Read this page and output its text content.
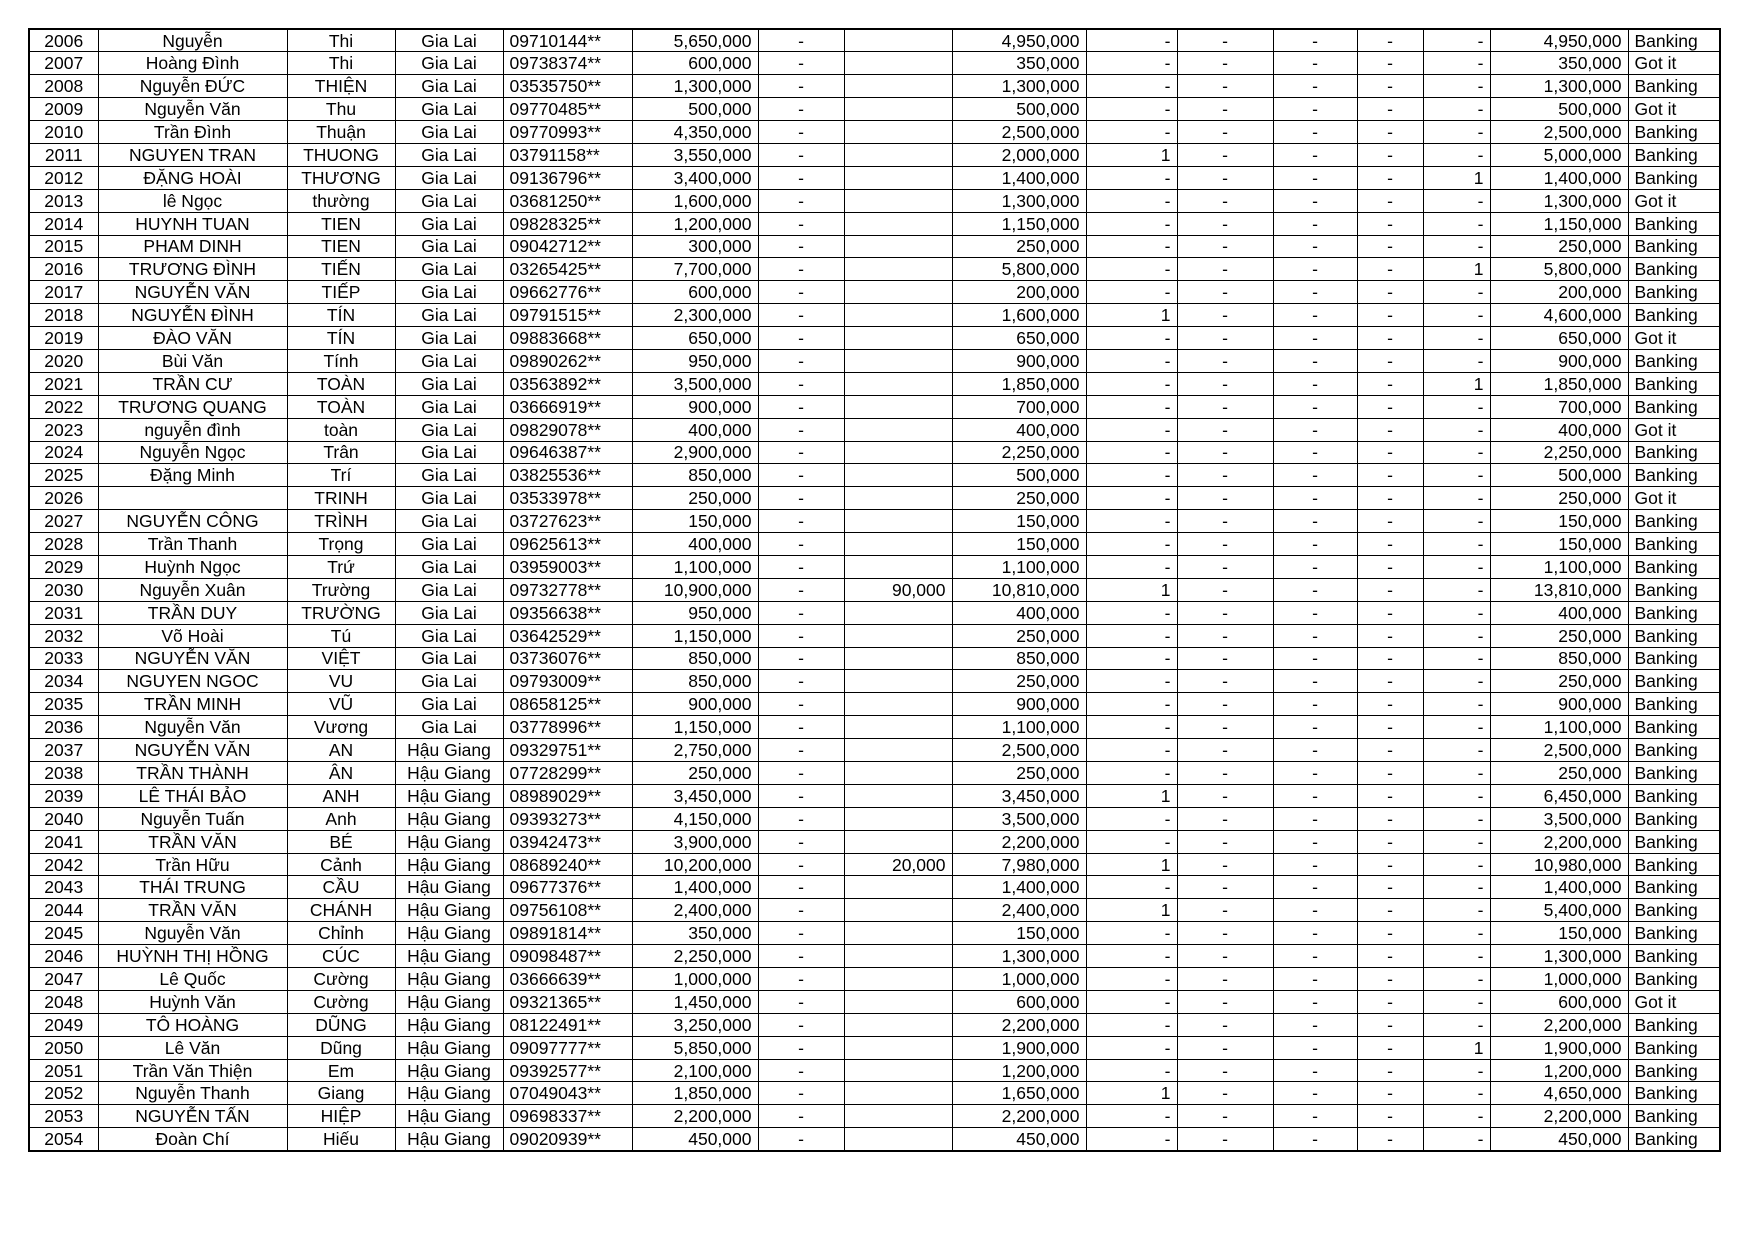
2006	Nguyễn	Thi	Gia Lai	09710144**	5,650,000	-		4,950,000	-	-	-	-	-	4,950,000	Banking
2007	Hoàng Đình	Thi	Gia Lai	09738374**	600,000	-		350,000	-	-	-	-	-	350,000	Got it
2008	Nguyễn ĐỨC	THIỆN	Gia Lai	03535750**	1,300,000	-		1,300,000	-	-	-	-	-	1,300,000	Banking
2009	Nguyễn Văn	Thu	Gia Lai	09770485**	500,000	-		500,000	-	-	-	-	-	500,000	Got it
2010	Trần Đình	Thuận	Gia Lai	09770993**	4,350,000	-		2,500,000	-	-	-	-	-	2,500,000	Banking
2011	NGUYEN TRAN	THUONG	Gia Lai	03791158**	3,550,000	-		2,000,000	1	-	-	-	-	5,000,000	Banking
2012	ĐẶNG HOÀI	THƯƠNG	Gia Lai	09136796**	3,400,000	-		1,400,000	-	-	-	-	1	1,400,000	Banking
2013	lê Ngọc	thường	Gia Lai	03681250**	1,600,000	-		1,300,000	-	-	-	-	-	1,300,000	Got it
2014	HUYNH TUAN	TIEN	Gia Lai	09828325**	1,200,000	-		1,150,000	-	-	-	-	-	1,150,000	Banking
2015	PHAM DINH	TIEN	Gia Lai	09042712**	300,000	-		250,000	-	-	-	-	-	250,000	Banking
2016	TRƯƠNG ĐÌNH	TIẾN	Gia Lai	03265425**	7,700,000	-		5,800,000	-	-	-	-	1	5,800,000	Banking
2017	NGUYỄN VĂN	TIẾP	Gia Lai	09662776**	600,000	-		200,000	-	-	-	-	-	200,000	Banking
2018	NGUYỄN ĐÌNH	TÍN	Gia Lai	09791515**	2,300,000	-		1,600,000	1	-	-	-	-	4,600,000	Banking
2019	ĐÀO VĂN	TÍN	Gia Lai	09883668**	650,000	-		650,000	-	-	-	-	-	650,000	Got it
2020	Bùi Văn	Tính	Gia Lai	09890262**	950,000	-		900,000	-	-	-	-	-	900,000	Banking
2021	TRẦN CƯ	TOÀN	Gia Lai	03563892**	3,500,000	-		1,850,000	-	-	-	-	1	1,850,000	Banking
2022	TRƯƠNG QUANG	TOÀN	Gia Lai	03666919**	900,000	-		700,000	-	-	-	-	-	700,000	Banking
2023	nguyễn đình	toàn	Gia Lai	09829078**	400,000	-		400,000	-	-	-	-	-	400,000	Got it
2024	Nguyễn Ngọc	Trân	Gia Lai	09646387**	2,900,000	-		2,250,000	-	-	-	-	-	2,250,000	Banking
2025	Đặng Minh	Trí	Gia Lai	03825536**	850,000	-		500,000	-	-	-	-	-	500,000	Banking
2026		TRINH	Gia Lai	03533978**	250,000	-		250,000	-	-	-	-	-	250,000	Got it
2027	NGUYỄN CÔNG	TRÌNH	Gia Lai	03727623**	150,000	-		150,000	-	-	-	-	-	150,000	Banking
2028	Trần Thanh	Trọng	Gia Lai	09625613**	400,000	-		150,000	-	-	-	-	-	150,000	Banking
2029	Huỳnh Ngọc	Trứ	Gia Lai	03959003**	1,100,000	-		1,100,000	-	-	-	-	-	1,100,000	Banking
2030	Nguyễn Xuân	Trường	Gia Lai	09732778**	10,900,000	-	90,000	10,810,000	1	-	-	-	-	13,810,000	Banking
2031	TRẦN DUY	TRƯỜNG	Gia Lai	09356638**	950,000	-		400,000	-	-	-	-	-	400,000	Banking
2032	Võ Hoài	Tú	Gia Lai	03642529**	1,150,000	-		250,000	-	-	-	-	-	250,000	Banking
2033	NGUYỄN VĂN	VIỆT	Gia Lai	03736076**	850,000	-		850,000	-	-	-	-	-	850,000	Banking
2034	NGUYEN NGOC	VU	Gia Lai	09793009**	850,000	-		250,000	-	-	-	-	-	250,000	Banking
2035	TRẦN MINH	VŨ	Gia Lai	08658125**	900,000	-		900,000	-	-	-	-	-	900,000	Banking
2036	Nguyễn Văn	Vương	Gia Lai	03778996**	1,150,000	-		1,100,000	-	-	-	-	-	1,100,000	Banking
2037	NGUYỄN VĂN	AN	Hậu Giang	09329751**	2,750,000	-		2,500,000	-	-	-	-	-	2,500,000	Banking
2038	TRẦN THÀNH	ÂN	Hậu Giang	07728299**	250,000	-		250,000	-	-	-	-	-	250,000	Banking
2039	LÊ THÁI BẢO	ANH	Hậu Giang	08989029**	3,450,000	-		3,450,000	1	-	-	-	-	6,450,000	Banking
2040	Nguyễn Tuấn	Anh	Hậu Giang	09393273**	4,150,000	-		3,500,000	-	-	-	-	-	3,500,000	Banking
2041	TRẦN VĂN	BÉ	Hậu Giang	03942473**	3,900,000	-		2,200,000	-	-	-	-	-	2,200,000	Banking
2042	Trần Hữu	Cảnh	Hậu Giang	08689240**	10,200,000	-	20,000	7,980,000	1	-	-	-	-	10,980,000	Banking
2043	THÁI TRUNG	CẦU	Hậu Giang	09677376**	1,400,000	-		1,400,000	-	-	-	-	-	1,400,000	Banking
2044	TRẦN VĂN	CHÁNH	Hậu Giang	09756108**	2,400,000	-		2,400,000	1	-	-	-	-	5,400,000	Banking
2045	Nguyễn Văn	Chỉnh	Hậu Giang	09891814**	350,000	-		150,000	-	-	-	-	-	150,000	Banking
2046	HUỲNH THỊ HỒNG	CÚC	Hậu Giang	09098487**	2,250,000	-		1,300,000	-	-	-	-	-	1,300,000	Banking
2047	Lê Quốc	Cường	Hậu Giang	03666639**	1,000,000	-		1,000,000	-	-	-	-	-	1,000,000	Banking
2048	Huỳnh Văn	Cường	Hậu Giang	09321365**	1,450,000	-		600,000	-	-	-	-	-	600,000	Got it
2049	TÔ HOÀNG	DŨNG	Hậu Giang	08122491**	3,250,000	-		2,200,000	-	-	-	-	-	2,200,000	Banking
2050	Lê Văn	Dũng	Hậu Giang	09097777**	5,850,000	-		1,900,000	-	-	-	-	1	1,900,000	Banking
2051	Trần Văn Thiện	Em	Hậu Giang	09392577**	2,100,000	-		1,200,000	-	-	-	-	-	1,200,000	Banking
2052	Nguyễn Thanh	Giang	Hậu Giang	07049043**	1,850,000	-		1,650,000	1	-	-	-	-	4,650,000	Banking
2053	NGUYỄN TẤN	HIỆP	Hậu Giang	09698337**	2,200,000	-		2,200,000	-	-	-	-	-	2,200,000	Banking
2054	Đoàn Chí	Hiếu	Hậu Giang	09020939**	450,000	-		450,000	-	-	-	-	-	450,000	Banking
